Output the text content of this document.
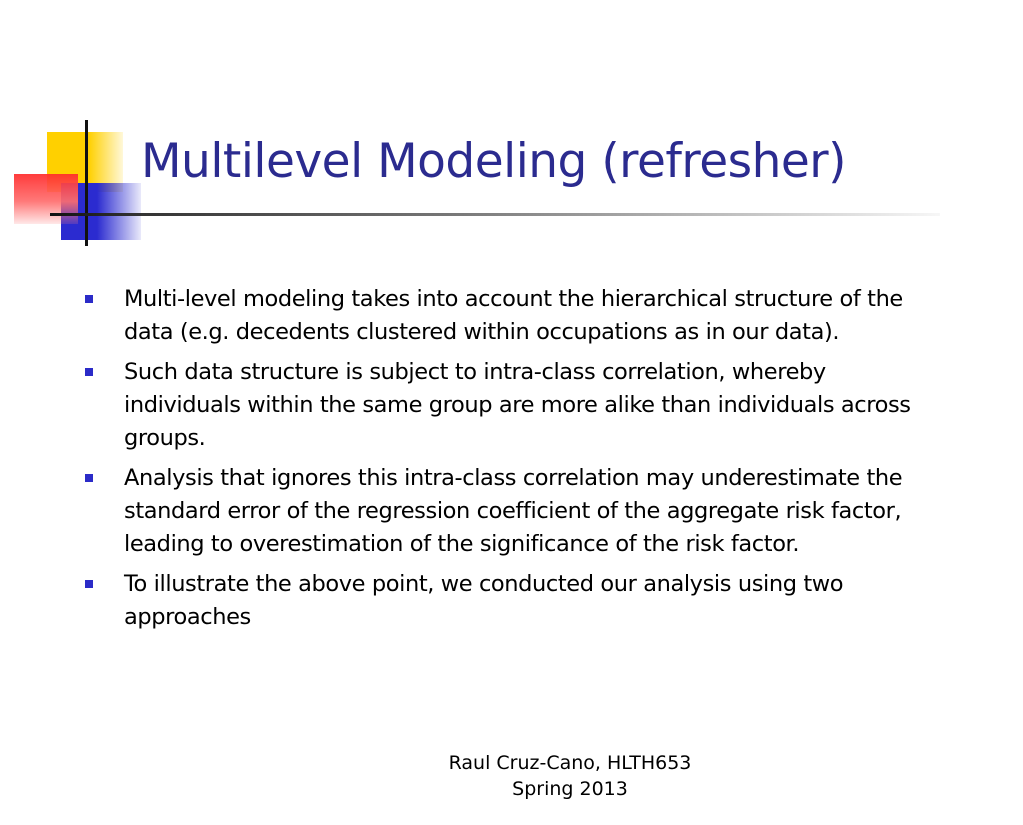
Multilevel Modeling (refresher)
Multi-level modeling takes into account the hierarchical structure of the data (e.g. decedents clustered within occupations as in our data).
Such data structure is subject to intra-class correlation, whereby individuals within the same group are more alike than individuals across groups.
Analysis that ignores this intra-class correlation may underestimate the standard error of the regression coefficient of the aggregate risk factor, leading to overestimation of the significance of the risk factor.
To illustrate the above point, we conducted our analysis using two approaches
Raul Cruz-Cano, HLTH653
Spring 2013
